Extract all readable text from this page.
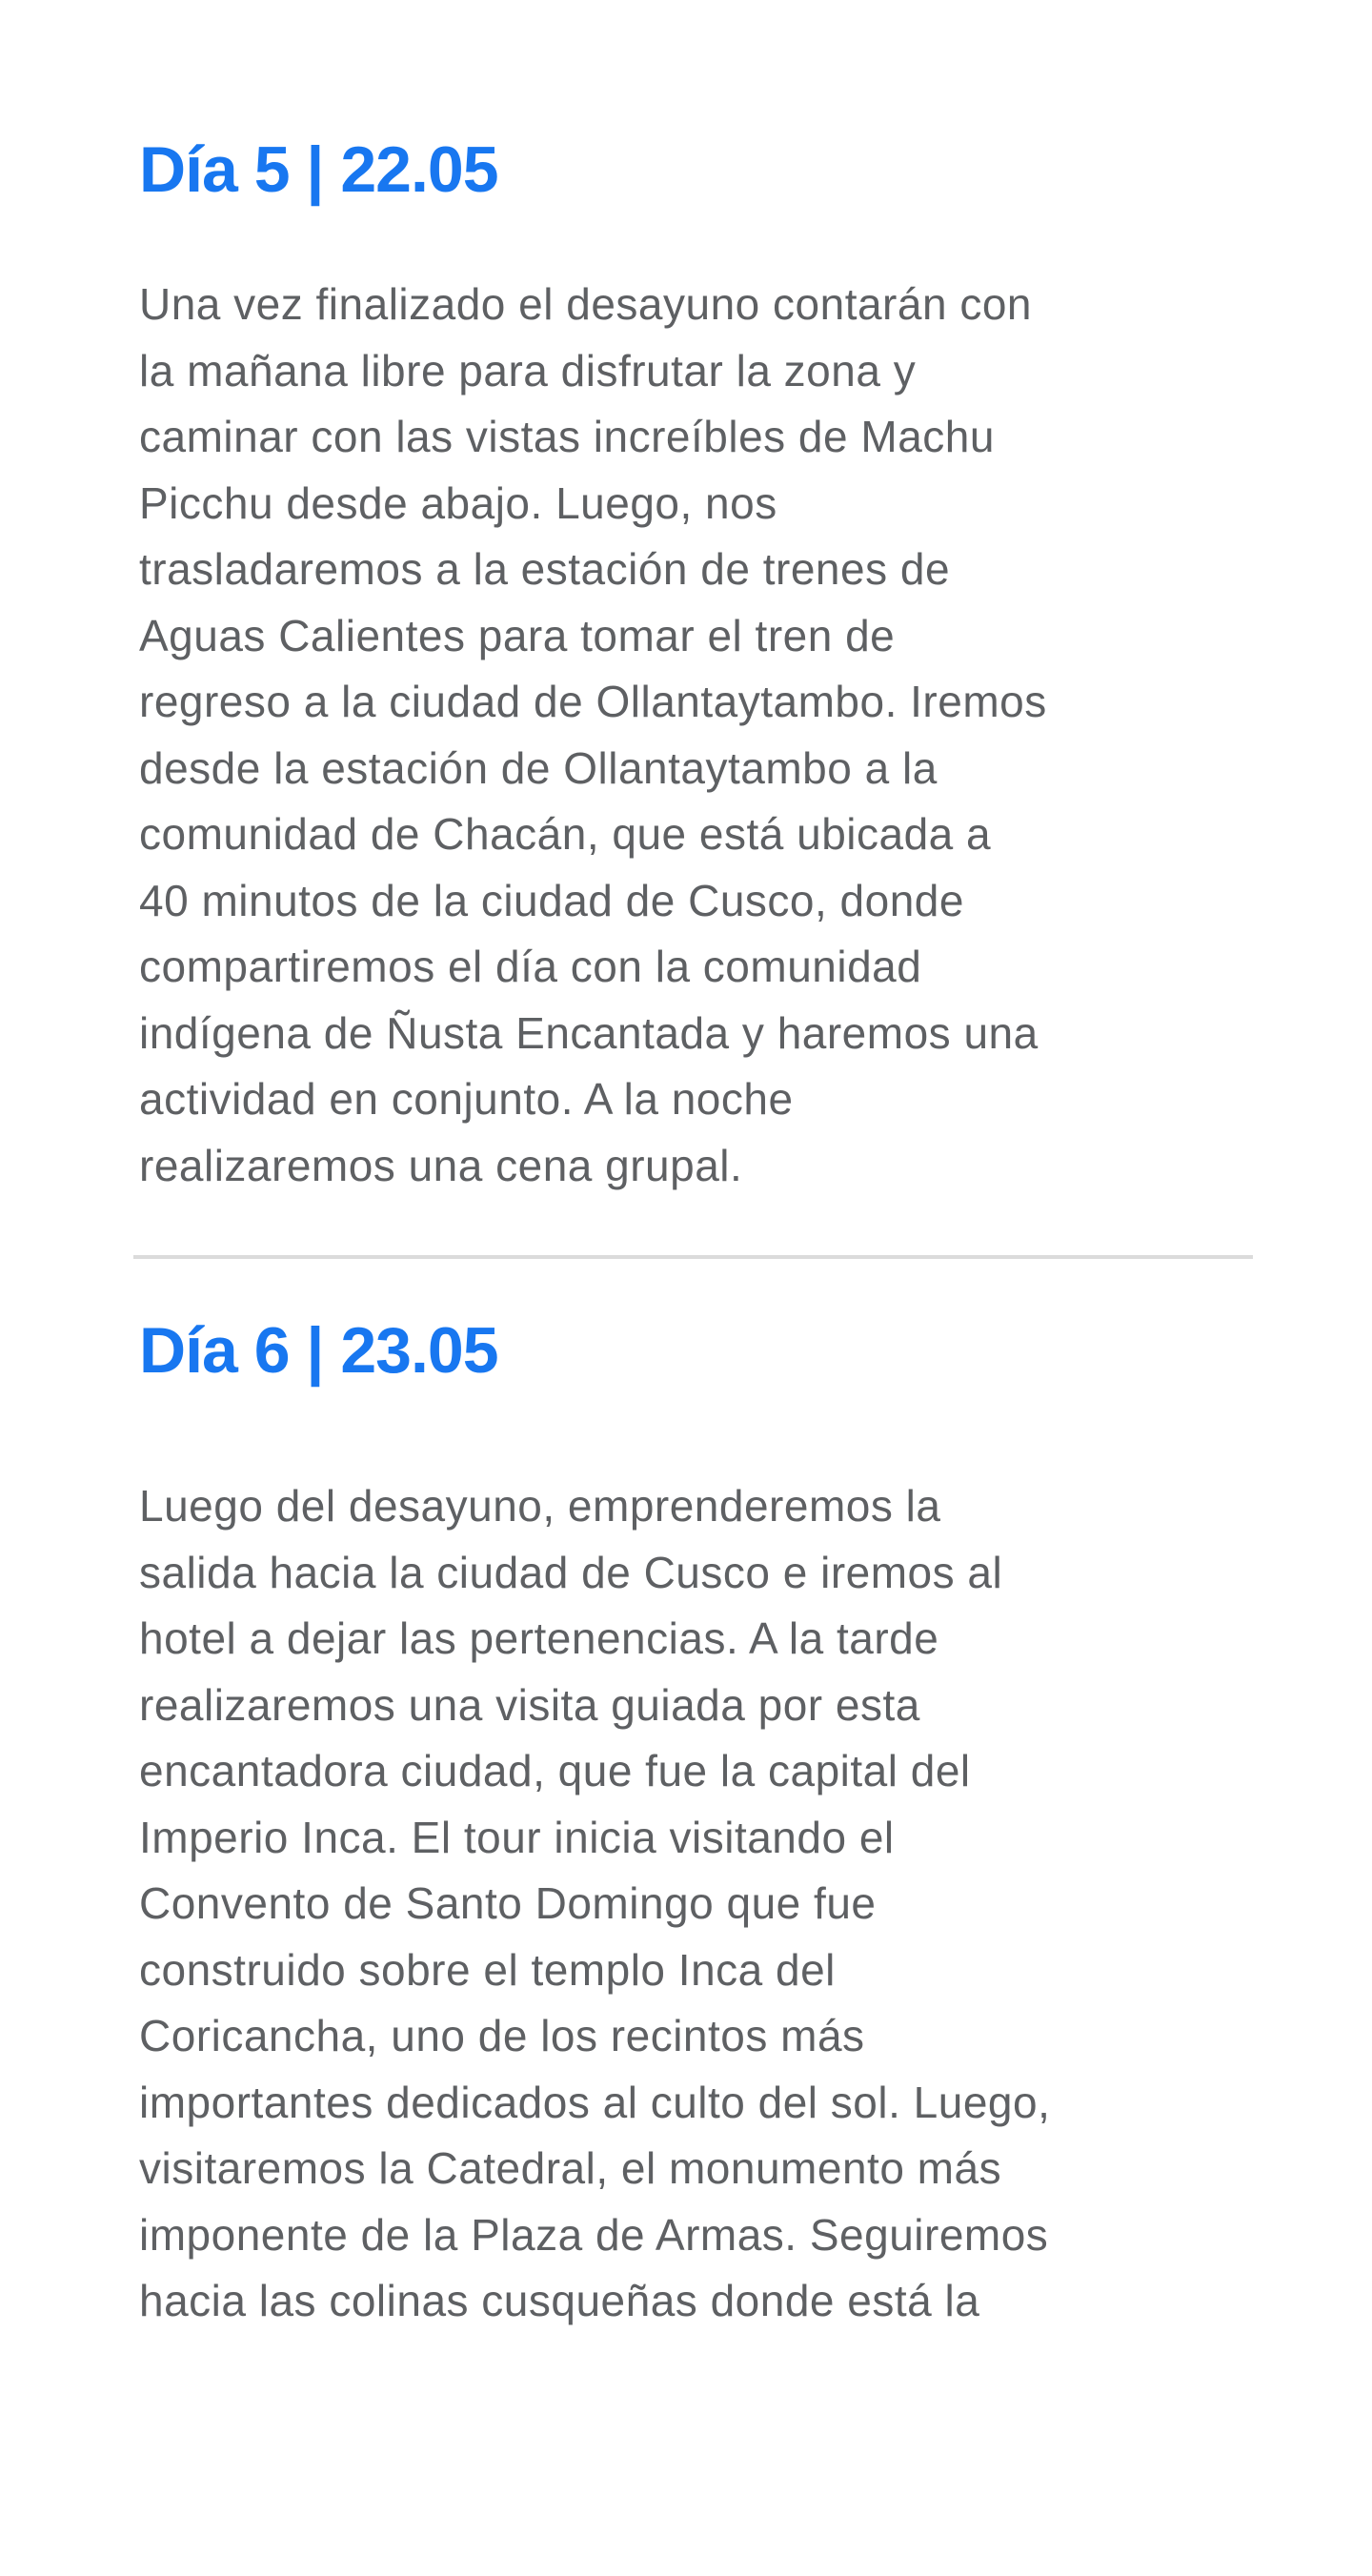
Día 5 | 22.05
Una vez finalizado el desayuno contarán con
la mañana libre para disfrutar la zona y
caminar con las vistas increíbles de Machu
Picchu desde abajo. Luego, nos
trasladaremos a la estación de trenes de
Aguas Calientes para tomar el tren de
regreso a la ciudad de Ollantaytambo. Iremos
desde la estación de Ollantaytambo a la
comunidad de Chacán, que está ubicada a
40 minutos de la ciudad de Cusco, donde
compartiremos el día con la comunidad
indígena de Ñusta Encantada y haremos una
actividad en conjunto. A la noche
realizaremos una cena grupal.
Día 6 | 23.05
Luego del desayuno, emprenderemos la
salida hacia la ciudad de Cusco e iremos al
hotel a dejar las pertenencias. A la tarde
realizaremos una visita guiada por esta
encantadora ciudad, que fue la capital del
Imperio Inca. El tour inicia visitando el
Convento de Santo Domingo que fue
construido sobre el templo Inca del
Coricancha, uno de los recintos más
importantes dedicados al culto del sol. Luego,
visitaremos la Catedral, el monumento más
imponente de la Plaza de Armas. Seguiremos
hacia las colinas cusqueñas donde está la
